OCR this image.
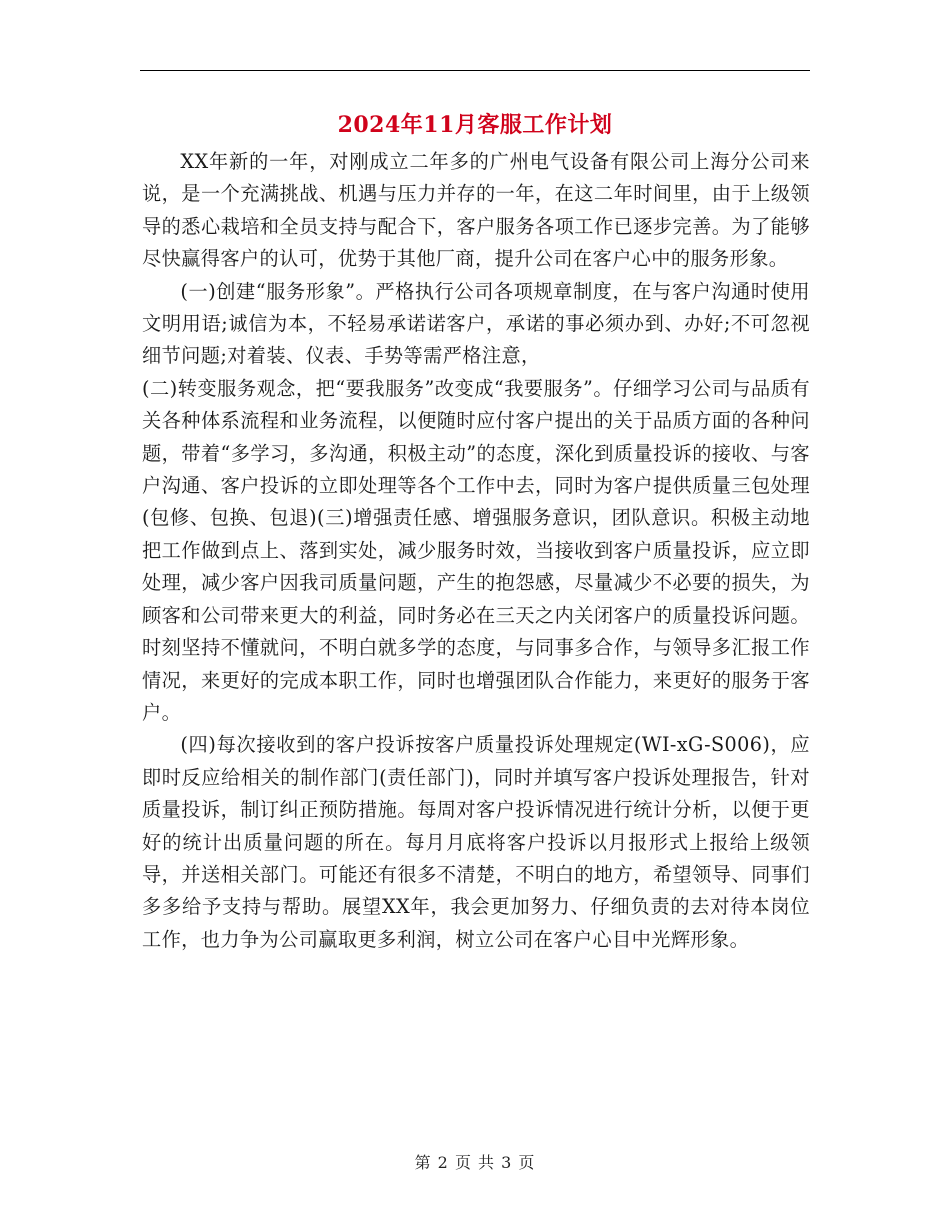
2024年11月客服工作计划

XX年新的一年，对刚成立二年多的广州电气设备有限公司上海分公司来说，是一个充满挑战、机遇与压力并存的一年，在这二年时间里，由于上级领导的悉心栽培和全员支持与配合下，客户服务各项工作已逐步完善。为了能够尽快赢得客户的认可，优势于其他厂商，提升公司在客户心中的服务形象。

(一)创建“服务形象”。严格执行公司各项规章制度，在与客户沟通时使用文明用语;诚信为本，不轻易承诺诺客户，承诺的事必须办到、办好;不可忽视细节问题;对着装、仪表、手势等需严格注意，

(二)转变服务观念，把“要我服务”改变成“我要服务”。仔细学习公司与品质有关各种体系流程和业务流程，以便随时应付客户提出的关于品质方面的各种问题，带着“多学习，多沟通，积极主动”的态度，深化到质量投诉的接收、与客户沟通、客户投诉的立即处理等各个工作中去，同时为客户提供质量三包处理(包修、包换、包退)(三)增强责任感、增强服务意识，团队意识。积极主动地把工作做到点上、落到实处，减少服务时效，当接收到客户质量投诉，应立即处理，减少客户因我司质量问题，产生的抱怨感，尽量减少不必要的损失，为顾客和公司带来更大的利益，同时务必在三天之内关闭客户的质量投诉问题。时刻坚持不懂就问，不明白就多学的态度，与同事多合作，与领导多汇报工作情况，来更好的完成本职工作，同时也增强团队合作能力，来更好的服务于客户。

(四)每次接收到的客户投诉按客户质量投诉处理规定(WI-xG-S006)，应即时反应给相关的制作部门(责任部门)，同时并填写客户投诉处理报告，针对质量投诉，制订纠正预防措施。每周对客户投诉情况进行统计分析，以便于更好的统计出质量问题的所在。每月月底将客户投诉以月报形式上报给上级领导，并送相关部门。可能还有很多不清楚，不明白的地方，希望领导、同事们多多给予支持与帮助。展望XX年，我会更加努力、仔细负责的去对待本岗位工作，也力争为公司赢取更多利润，树立公司在客户心目中光辉形象。

第 2 页 共 3 页
